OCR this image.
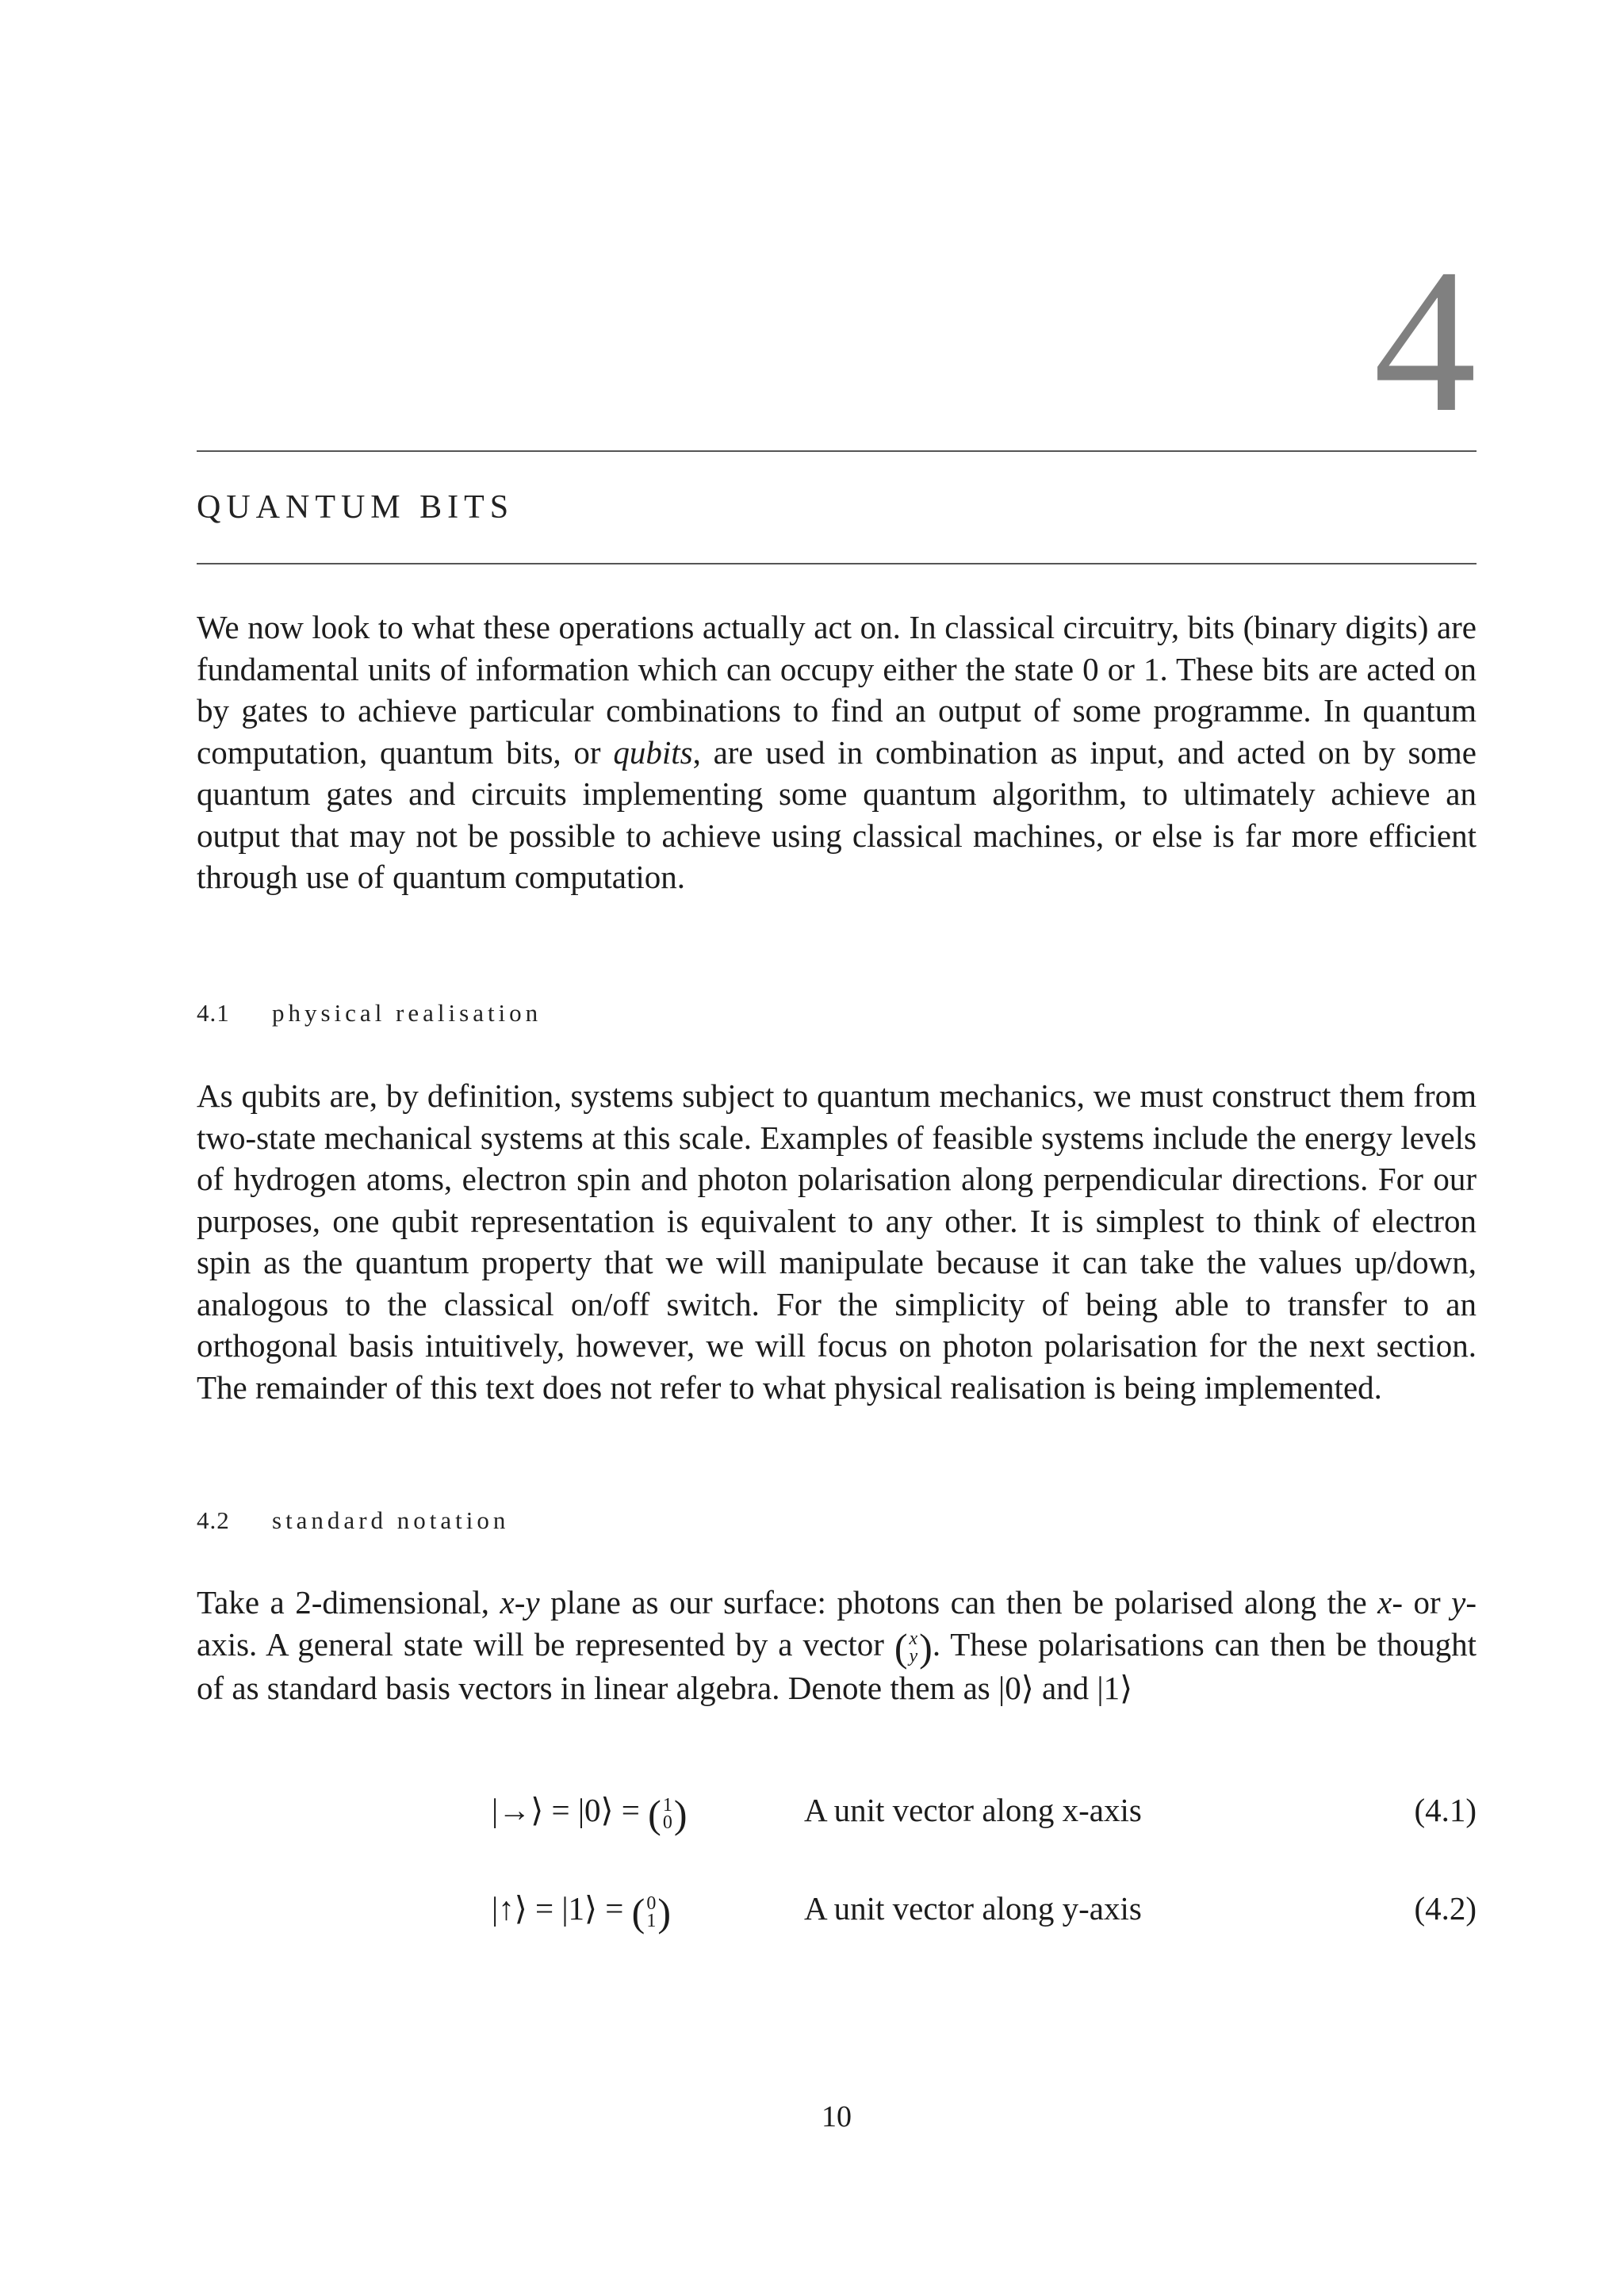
4
QUANTUM BITS

We now look to what these operations actually act on. In classical circuitry, bits (binary digits) are fundamental units of information which can occupy either the state 0 or 1. These bits are acted on by gates to achieve particular combinations to find an output of some programme. In quantum computation, quantum bits, or qubits, are used in combination as input, and acted on by some quantum gates and circuits implementing some quantum algorithm, to ultimately achieve an output that may not be possible to achieve using classical machines, or else is far more efficient through use of quantum computation.

4.1 physical realisation

As qubits are, by definition, systems subject to quantum mechanics, we must construct them from two-state mechanical systems at this scale. Examples of feasible systems include the energy levels of hydrogen atoms, electron spin and photon polarisation along perpendicular directions. For our purposes, one qubit representation is equivalent to any other. It is simplest to think of electron spin as the quantum property that we will manipulate because it can take the values up/down, analogous to the classical on/off switch. For the simplicity of being able to transfer to an orthogonal basis intuitively, however, we will focus on photon polarisation for the next section. The remainder of this text does not refer to what physical realisation is being implemented.

4.2 standard notation

Take a 2-dimensional, x-y plane as our surface: photons can then be polarised along the x- or y- axis. A general state will be represented by a vector ( x
y ). These polarisations can then be thought of as standard basis vectors in linear algebra. Denote them as |0⟩ and |1⟩

|→⟩ = |0⟩ = ( 1
0 )	A unit vector along x-axis	(4.1)
|↑⟩ = |1⟩ = ( 0
1 )	A unit vector along y-axis	(4.2)
10
